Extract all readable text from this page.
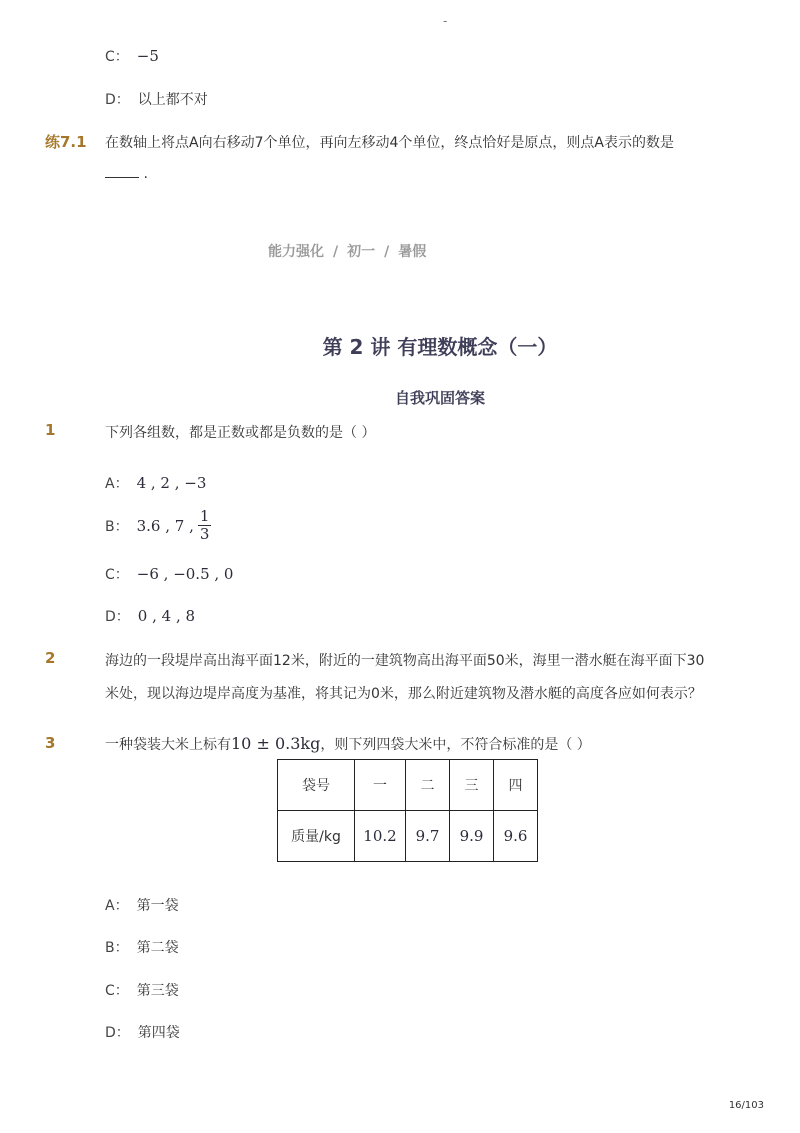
-
C： −5
D： 以上都不对
练7.1 在数轴上将点A向右移动7个单位，再向左移动4个单位，终点恰好是原点，则点A表示的数是
.
能力强化 / 初一 / 暑假
第 2 讲 有理数概念（一）
自我巩固答案
1	下列各组数，都是正数或都是负数的是（ ）
A： 4 , 2 , −3
B： 3.6 , 7 , $\frac{1}{3}$
C： −6 , −0.5 , 0
D： 0 , 4 , 8
2	海边的一段堤岸高出海平面12米，附近的一建筑物高出海平面50米，海里一潜水艇在海平面下30
米处，现以海边堤岸高度为基准，将其记为0米，那么附近建筑物及潜水艇的高度各应如何表示？
3	一种袋装大米上标有10 ± 0.3kg，则下列四袋大米中，不符合标准的是（ ）
袋号	一	二	三	四
质量/kg	10.2	9.7	9.9	9.6
A： 第一袋
B： 第二袋
C： 第三袋
D： 第四袋
16/103
